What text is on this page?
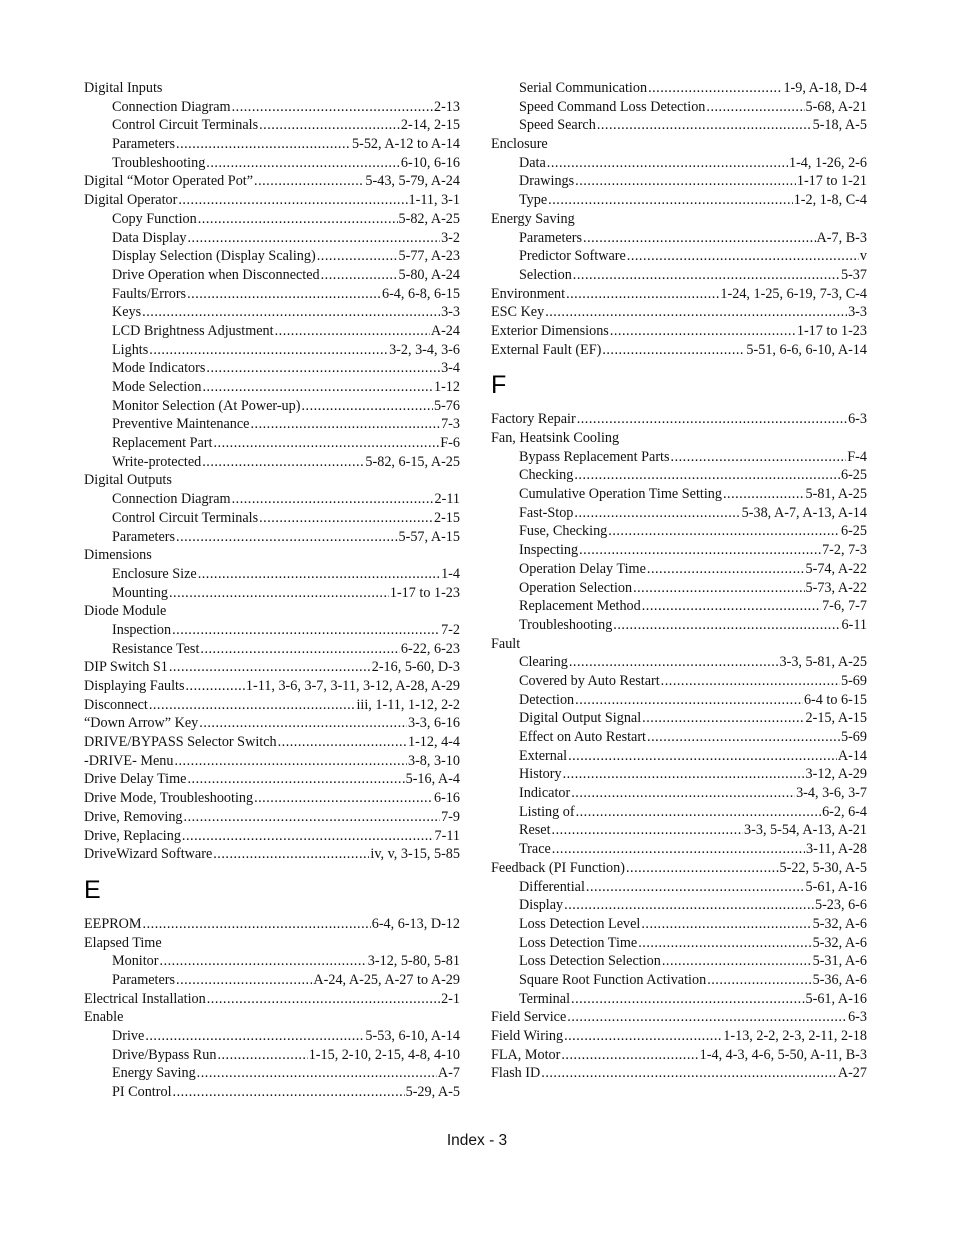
Digital Inputs
Connection Diagram .....	2-13
Control Circuit Terminals .....	2-14, 2-15
Parameters .....	5-52, A-12 to A-14
Troubleshooting .....	6-10, 6-16
Digital “Motor Operated Pot” .....	5-43, 5-79, A-24
Digital Operator .....	1-11, 3-1
Copy Function .....	5-82, A-25
Data Display .....	3-2
Display Selection (Display Scaling) .....	5-77, A-23
Drive Operation when Disconnected .....	5-80, A-24
Faults/Errors .....	6-4, 6-8, 6-15
Keys .....	3-3
LCD Brightness Adjustment .....	A-24
Lights .....	3-2, 3-4, 3-6
Mode Indicators .....	3-4
Mode Selection .....	1-12
Monitor Selection (At Power-up) .....	5-76
Preventive Maintenance .....	7-3
Replacement Part .....	F-6
Write-protected .....	5-82, 6-15, A-25
Digital Outputs
Connection Diagram .....	2-11
Control Circuit Terminals .....	2-15
Parameters .....	5-57, A-15
Dimensions
Enclosure Size .....	1-4
Mounting .....	1-17 to 1-23
Diode Module
Inspection .....	7-2
Resistance Test .....	6-22, 6-23
DIP Switch S1 .....	2-16, 5-60, D-3
Displaying Faults .....	1-11, 3-6, 3-7, 3-11, 3-12, A-28, A-29
Disconnect .....	iii, 1-11, 1-12, 2-2
“Down Arrow” Key .....	3-3, 6-16
DRIVE/BYPASS Selector Switch .....	1-12, 4-4
-DRIVE- Menu .....	3-8, 3-10
Drive Delay Time .....	5-16, A-4
Drive Mode, Troubleshooting .....	6-16
Drive, Removing .....	7-9
Drive, Replacing .....	7-11
DriveWizard Software .....	iv, v, 3-15, 5-85
E
EEPROM .....	6-4, 6-13, D-12
Elapsed Time
Monitor .....	3-12, 5-80, 5-81
Parameters .....	A-24, A-25, A-27 to A-29
Electrical Installation .....	2-1
Enable
Drive .....	5-53, 6-10, A-14
Drive/Bypass Run .....	1-15, 2-10, 2-15, 4-8, 4-10
Energy Saving .....	A-7
PI Control .....	5-29, A-5
Serial Communication .....	1-9, A-18, D-4
Speed Command Loss Detection .....	5-68, A-21
Speed Search .....	5-18, A-5
Enclosure
Data .....	1-4, 1-26, 2-6
Drawings .....	1-17 to 1-21
Type .....	1-2, 1-8, C-4
Energy Saving
Parameters .....	A-7, B-3
Predictor Software .....	v
Selection .....	5-37
Environment .....	1-24, 1-25, 6-19, 7-3, C-4
ESC Key .....	3-3
Exterior Dimensions .....	1-17 to 1-23
External Fault (EF) .....	5-51, 6-6, 6-10, A-14
F
Factory Repair .....	6-3
Fan, Heatsink Cooling
Bypass Replacement Parts .....	F-4
Checking .....	6-25
Cumulative Operation Time Setting .....	5-81, A-25
Fast-Stop .....	5-38, A-7, A-13, A-14
Fuse, Checking .....	6-25
Inspecting .....	7-2, 7-3
Operation Delay Time .....	5-74, A-22
Operation Selection .....	5-73, A-22
Replacement Method .....	7-6, 7-7
Troubleshooting .....	6-11
Fault
Clearing .....	3-3, 5-81, A-25
Covered by Auto Restart .....	5-69
Detection .....	6-4 to 6-15
Digital Output Signal .....	2-15, A-15
Effect on Auto Restart .....	5-69
External .....	A-14
History .....	3-12, A-29
Indicator .....	3-4, 3-6, 3-7
Listing of .....	6-2, 6-4
Reset .....	3-3, 5-54, A-13, A-21
Trace .....	3-11, A-28
Feedback (PI Function) .....	5-22, 5-30, A-5
Differential .....	5-61, A-16
Display .....	5-23, 6-6
Loss Detection Level .....	5-32, A-6
Loss Detection Time .....	5-32, A-6
Loss Detection Selection .....	5-31, A-6
Square Root Function Activation .....	5-36, A-6
Terminal .....	5-61, A-16
Field Service .....	6-3
Field Wiring .....	1-13, 2-2, 2-3, 2-11, 2-18
FLA, Motor .....	1-4, 4-3, 4-6, 5-50, A-11, B-3
Flash ID .....	A-27
Index - 3
